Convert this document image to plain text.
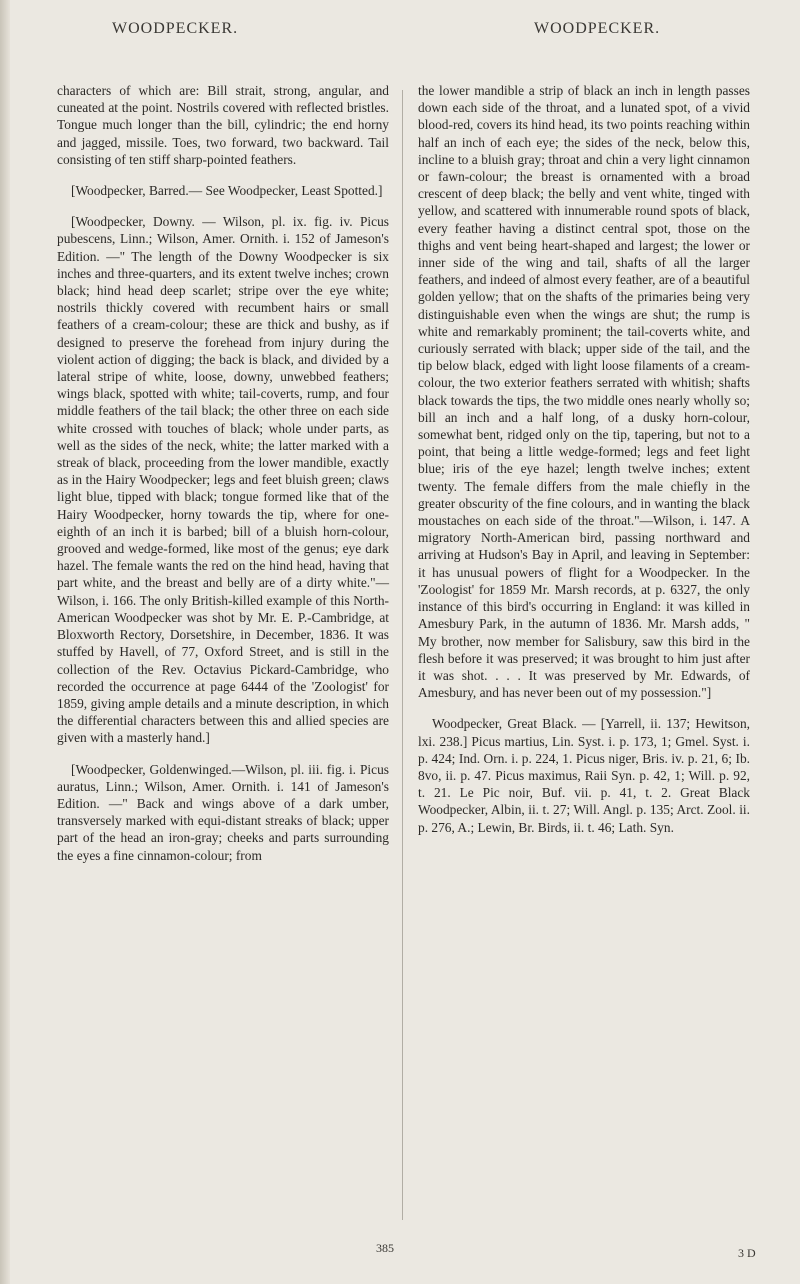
WOODPECKER.	WOODPECKER.

characters of which are: Bill strait, strong, angular, and cuneated at the point. Nostrils covered with reflected bristles. Tongue much longer than the bill, cylindric; the end horny and jagged, missile. Toes, two forward, two backward. Tail consisting of ten stiff sharp-pointed feathers.

[Woodpecker, Barred.— See Woodpecker, Least Spotted.]

[Woodpecker, Downy. — Wilson, pl. ix. fig. iv. Picus pubescens, Linn.; Wilson, Amer. Ornith. i. 152 of Jameson's Edition. —" The length of the Downy Woodpecker is six inches and three-quarters, and its extent twelve inches; crown black; hind head deep scarlet; stripe over the eye white; nostrils thickly covered with recumbent hairs or small feathers of a cream-colour; these are thick and bushy, as if designed to preserve the forehead from injury during the violent action of digging; the back is black, and divided by a lateral stripe of white, loose, downy, unwebbed feathers; wings black, spotted with white; tail-coverts, rump, and four middle feathers of the tail black; the other three on each side white crossed with touches of black; whole under parts, as well as the sides of the neck, white; the latter marked with a streak of black, proceeding from the lower mandible, exactly as in the Hairy Woodpecker; legs and feet bluish green; claws light blue, tipped with black; tongue formed like that of the Hairy Woodpecker, horny towards the tip, where for one-eighth of an inch it is barbed; bill of a bluish horn-colour, grooved and wedge-formed, like most of the genus; eye dark hazel. The female wants the red on the hind head, having that part white, and the breast and belly are of a dirty white."—Wilson, i. 166. The only British-killed example of this North-American Woodpecker was shot by Mr. E. P.-Cambridge, at Bloxworth Rectory, Dorsetshire, in December, 1836. It was stuffed by Havell, of 77, Oxford Street, and is still in the collection of the Rev. Octavius Pickard-Cambridge, who recorded the occurrence at page 6444 of the 'Zoologist' for 1859, giving ample details and a minute description, in which the differential characters between this and allied species are given with a masterly hand.]

[Woodpecker, Goldenwinged.—Wilson, pl. iii. fig. i. Picus auratus, Linn.; Wilson, Amer. Ornith. i. 141 of Jameson's Edition. —" Back and wings above of a dark umber, transversely marked with equi-distant streaks of black; upper part of the head an iron-gray; cheeks and parts surrounding the eyes a fine cinnamon-colour; from

the lower mandible a strip of black an inch in length passes down each side of the throat, and a lunated spot, of a vivid blood-red, covers its hind head, its two points reaching within half an inch of each eye; the sides of the neck, below this, incline to a bluish gray; throat and chin a very light cinnamon or fawn-colour; the breast is ornamented with a broad crescent of deep black; the belly and vent white, tinged with yellow, and scattered with innumerable round spots of black, every feather having a distinct central spot, those on the thighs and vent being heart-shaped and largest; the lower or inner side of the wing and tail, shafts of all the larger feathers, and indeed of almost every feather, are of a beautiful golden yellow; that on the shafts of the primaries being very distinguishable even when the wings are shut; the rump is white and remarkably prominent; the tail-coverts white, and curiously serrated with black; upper side of the tail, and the tip below black, edged with light loose filaments of a cream-colour, the two exterior feathers serrated with whitish; shafts black towards the tips, the two middle ones nearly wholly so; bill an inch and a half long, of a dusky horn-colour, somewhat bent, ridged only on the tip, tapering, but not to a point, that being a little wedge-formed; legs and feet light blue; iris of the eye hazel; length twelve inches; extent twenty. The female differs from the male chiefly in the greater obscurity of the fine colours, and in wanting the black moustaches on each side of the throat."—Wilson, i. 147. A migratory North-American bird, passing northward and arriving at Hudson's Bay in April, and leaving in September: it has unusual powers of flight for a Woodpecker. In the 'Zoologist' for 1859 Mr. Marsh records, at p. 6327, the only instance of this bird's occurring in England: it was killed in Amesbury Park, in the autumn of 1836. Mr. Marsh adds, " My brother, now member for Salisbury, saw this bird in the flesh before it was preserved; it was brought to him just after it was shot. . . . It was preserved by Mr. Edwards, of Amesbury, and has never been out of my possession."]

Woodpecker, Great Black. — [Yarrell, ii. 137; Hewitson, lxi. 238.] Picus martius, Lin. Syst. i. p. 173, 1; Gmel. Syst. i. p. 424; Ind. Orn. i. p. 224, 1. Picus niger, Bris. iv. p. 21, 6; Ib. 8vo, ii. p. 47. Picus maximus, Raii Syn. p. 42, 1; Will. p. 92, t. 21. Le Pic noir, Buf. vii. p. 41, t. 2. Great Black Woodpecker, Albin, ii. t. 27; Will. Angl. p. 135; Arct. Zool. ii. p. 276, A.; Lewin, Br. Birds, ii. t. 46; Lath. Syn.

385	3 D
